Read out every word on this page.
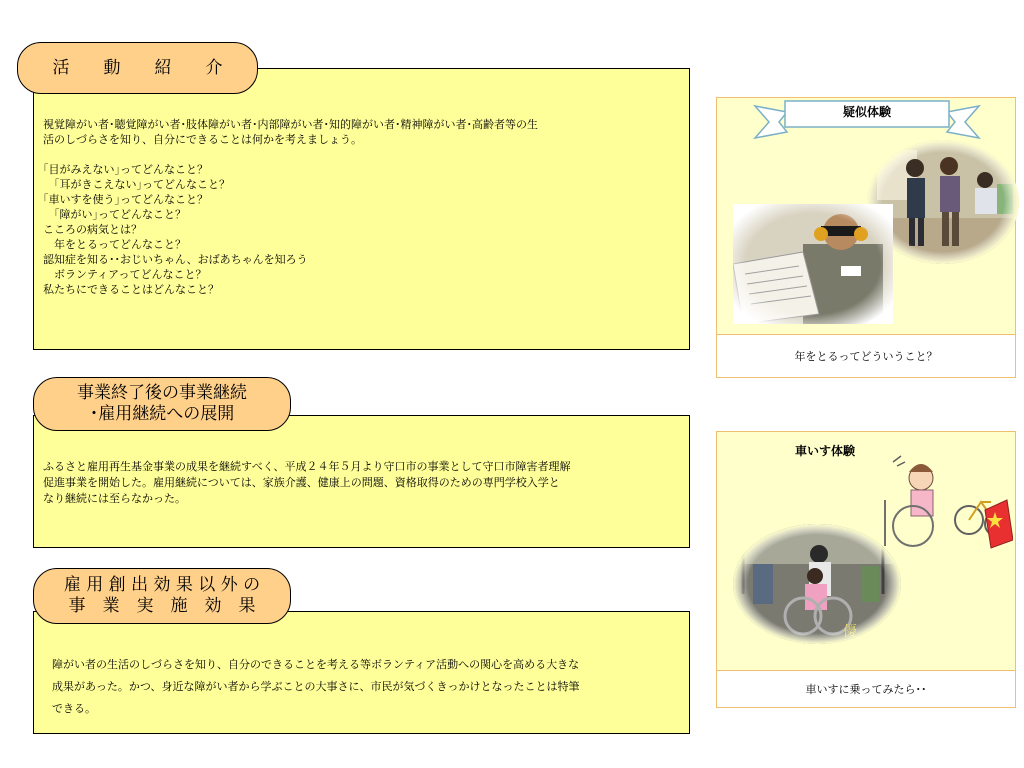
活　　動　　紹　　介

視覚障がい者･聴覚障がい者･肢体障がい者･内部障がい者･知的障がい者･精神障がい者･高齢者等の生

活のしづらさを知り、自分にできることは何かを考えましょう。

｢目がみえない｣ってどんなこと？

　｢耳がきこえない｣ってどんなこと？

｢車いすを使う｣ってどんなこと？

　｢障がい｣ってどんなこと？

こころの病気とは？

　年をとるってどんなこと？

認知症を知る･･おじいちゃん、おばあちゃんを知ろう

　ボランティアってどんなこと？

私たちにできることはどんなこと？

事業終了後の事業継続
･雇用継続への展開

ふるさと雇用再生基金事業の成果を継続すべく、平成２４年５月より守口市の事業として守口市障害者理解

促進事業を開始した。雇用継続については、家族介護、健康上の問題、資格取得のための専門学校入学と

なり継続には至らなかった。

雇 用 創 出 効 果 以 外 の
事　業　実　施　効　果

障がい者の生活のしづらさを知り、自分のできることを考える等ボランティア活動への関心を高める大きな

成果があった。かつ、身近な障がい者から学ぶことの大事さに、市民が気づくきっかけとなったことは特筆

できる。

疑似体験
年をとるってどういうこと？
車いす体験
車いすに乗ってみたら･･
